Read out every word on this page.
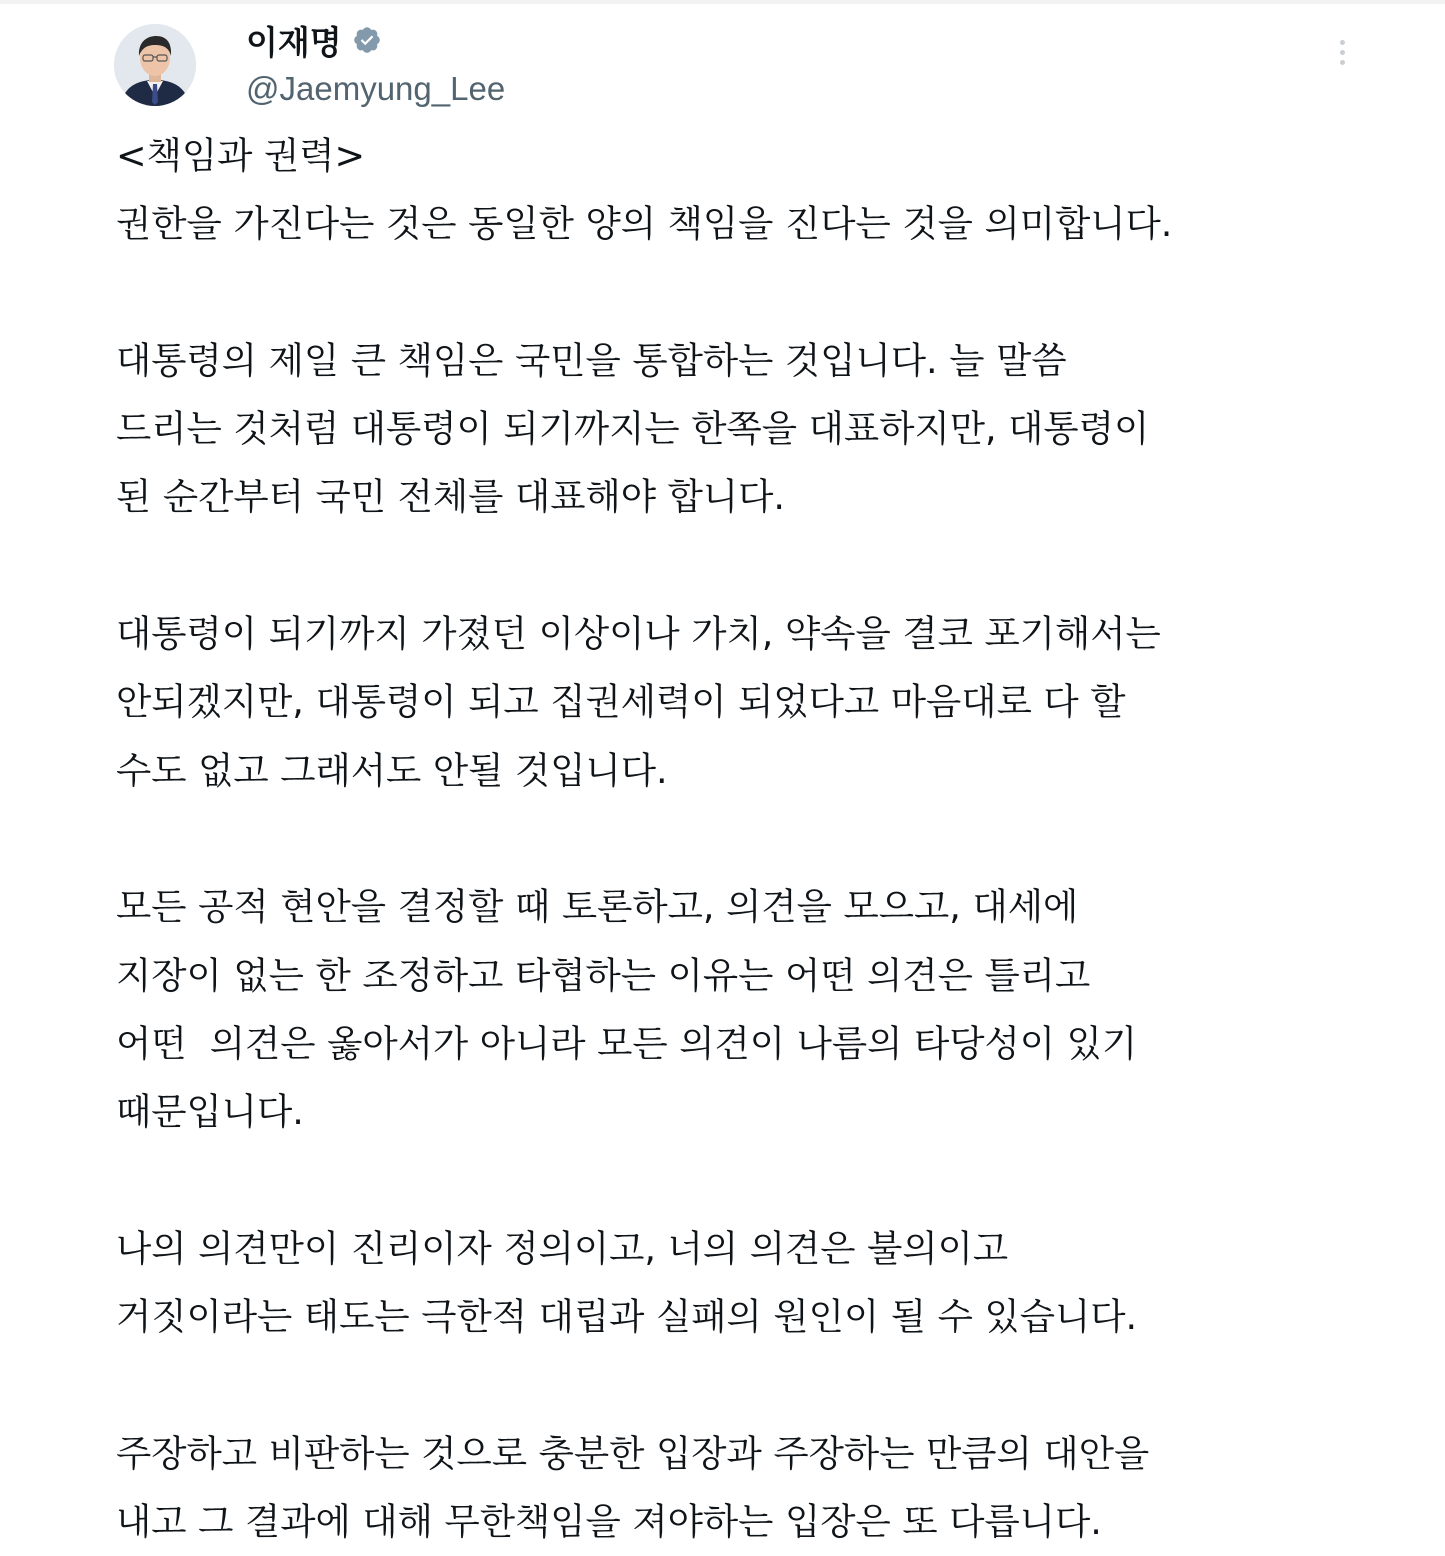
이재명
@Jaemyung_Lee
<책임과 권력>
권한을 가진다는 것은 동일한 양의 책임을 진다는 것을 의미합니다.
대통령의 제일 큰 책임은 국민을 통합하는 것입니다. 늘 말씀
드리는 것처럼 대통령이 되기까지는 한쪽을 대표하지만, 대통령이
된 순간부터 국민 전체를 대표해야 합니다.
대통령이 되기까지 가졌던 이상이나 가치, 약속을 결코 포기해서는
안되겠지만, 대통령이 되고 집권세력이 되었다고 마음대로 다 할
수도 없고 그래서도 안될 것입니다.
모든 공적 현안을 결정할 때 토론하고, 의견을 모으고, 대세에
지장이 없는 한 조정하고 타협하는 이유는 어떤 의견은 틀리고
어떤  의견은 옳아서가 아니라 모든 의견이 나름의 타당성이 있기
때문입니다.
나의 의견만이 진리이자 정의이고, 너의 의견은 불의이고
거짓이라는 태도는 극한적 대립과 실패의 원인이 될 수 있습니다.
주장하고 비판하는 것으로 충분한 입장과 주장하는 만큼의 대안을
내고 그 결과에 대해 무한책임을 져야하는 입장은 또 다릅니다.
